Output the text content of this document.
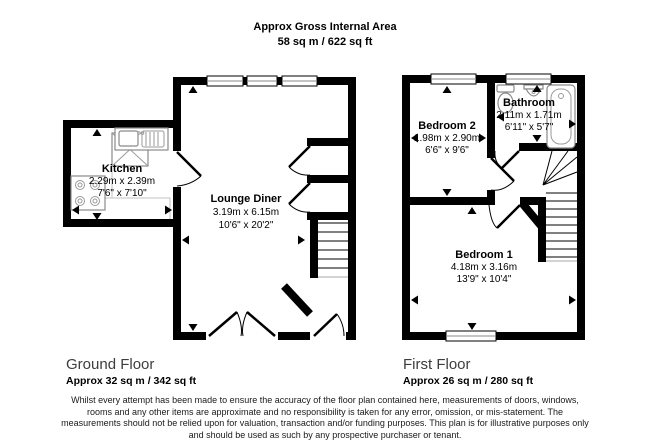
Approx Gross Internal Area
58 sq m / 622 sq ft
Kitchen
2.29m x 2.39m
7'6" x 7'10"	Lounge Diner
3.19m x 6.15m
10'6" x 20'2"
Bedroom 2
1.98m x 2.90m
6'6" x 9'6"
Bathroom
2.11m x 1.71m
6'11" x 5'7"
Bedroom 1
4.18m x 3.16m
13'9" x 10'4"
Ground Floor
Approx 32 sq m / 342 sq ft
First Floor
Approx 26 sq m / 280 sq ft
Whilst every attempt has been made to ensure the accuracy of the floor plan contained here, measurements of doors, windows, rooms and any other items are approximate and no responsibility is taken for any error, omission, or mis-statement. The measurements should not be relied upon for valuation, transaction and/or funding purposes. This plan is for illustrative purposes only and should be used as such by any prospective purchaser or tenant.
